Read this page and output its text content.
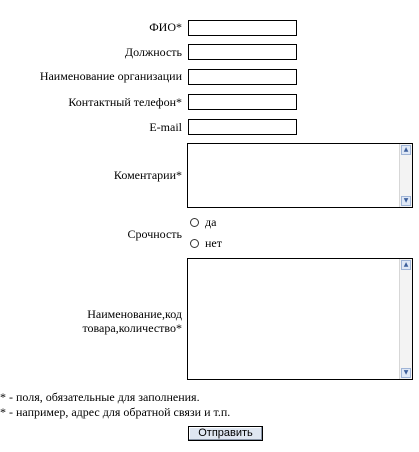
ФИО*
Должность
Наименование организации
Контактный телефон*
E-mail
Коментарии*
▲
▼
Срочность
да
нет
Наименование,код
товара,количество*
▲
▼
* - поля, обязательные для заполнения.
* - например, адрес для обратной связи и т.п.
Отправить
